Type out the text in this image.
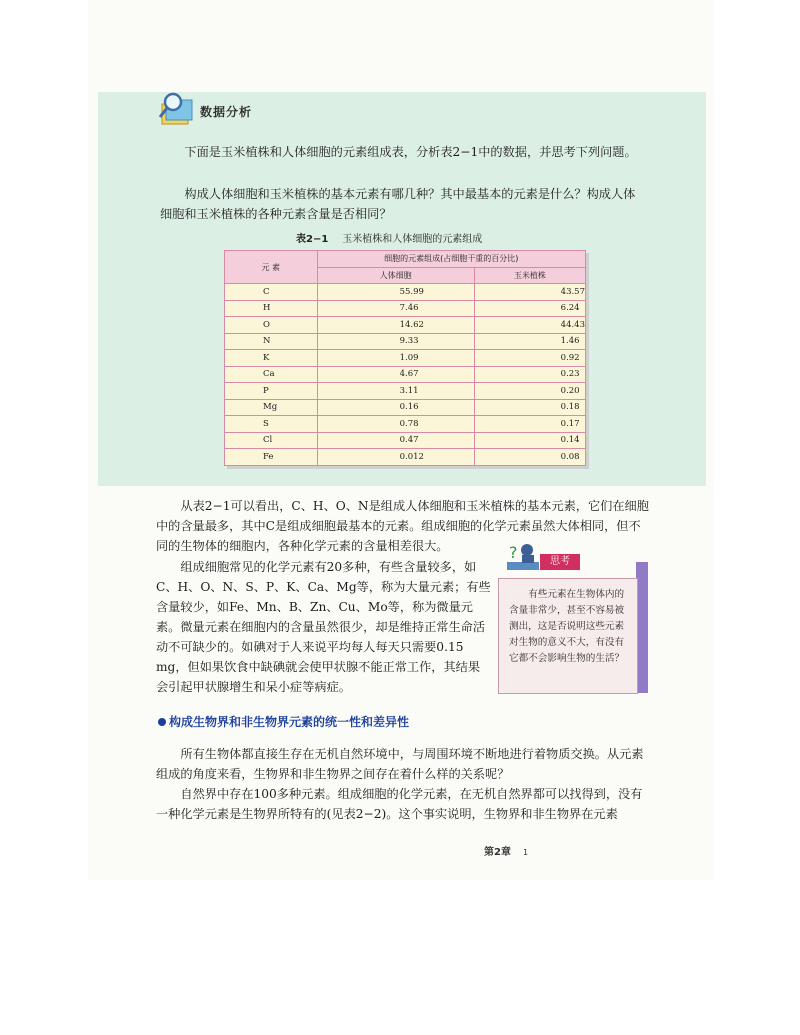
数据分析
下面是玉米植株和人体细胞的元素组成表，分析表2−1中的数据，并思考下列问题。
构成人体细胞和玉米植株的基本元素有哪几种？其中最基本的元素是什么？构成人体细胞和玉米植株的各种元素含量是否相同？
表2−1 玉米植株和人体细胞的元素组成
元 素	细胞的元素组成(占细胞干重的百分比)	
	人体细胞	玉米植株
C	55.99	43.57
H	7.46	6.24
O	14.62	44.43
N	9.33	1.46
K	1.09	0.92
Ca	4.67	0.23
P	3.11	0.20
Mg	0.16	0.18
S	0.78	0.17
Cl	0.47	0.14
Fe	0.012	0.08
从表2−1可以看出，C、H、O、N是组成人体细胞和玉米植株的基本元素，它们在细胞中的含量最多，其中C是组成细胞最基本的元素。组成细胞的化学元素虽然大体相同，但不同的生物体的细胞内，各种化学元素的含量相差很大。
组成细胞常见的化学元素有20多种，有些含量较多，如C、H、O、N、S、P、K、Ca、Mg等，称为大量元素；有些含量较少，如Fe、Mn、B、Zn、Cu、Mo等，称为微量元素。微量元素在细胞内的含量虽然很少，却是维持正常生命活动不可缺少的。如碘对于人来说平均每人每天只需要0.15 mg，但如果饮食中缺碘就会使甲状腺不能正常工作，其结果会引起甲状腺增生和呆小症等病症。
有些元素在生物体内的含量非常少，甚至不容易被测出，这是否说明这些元素对生物的意义不大，有没有它都不会影响生物的生活？
?	思考
构成生物界和非生物界元素的统一性和差异性
所有生物体都直接生存在无机自然环境中，与周围环境不断地进行着物质交换。从元素组成的角度来看，生物界和非生物界之间存在着什么样的关系呢？
自然界中存在100多种元素。组成细胞的化学元素，在无机自然界都可以找得到，没有一种化学元素是生物界所特有的(见表2−2)。这个事实说明，生物界和非生物界在元素
第2章 1
